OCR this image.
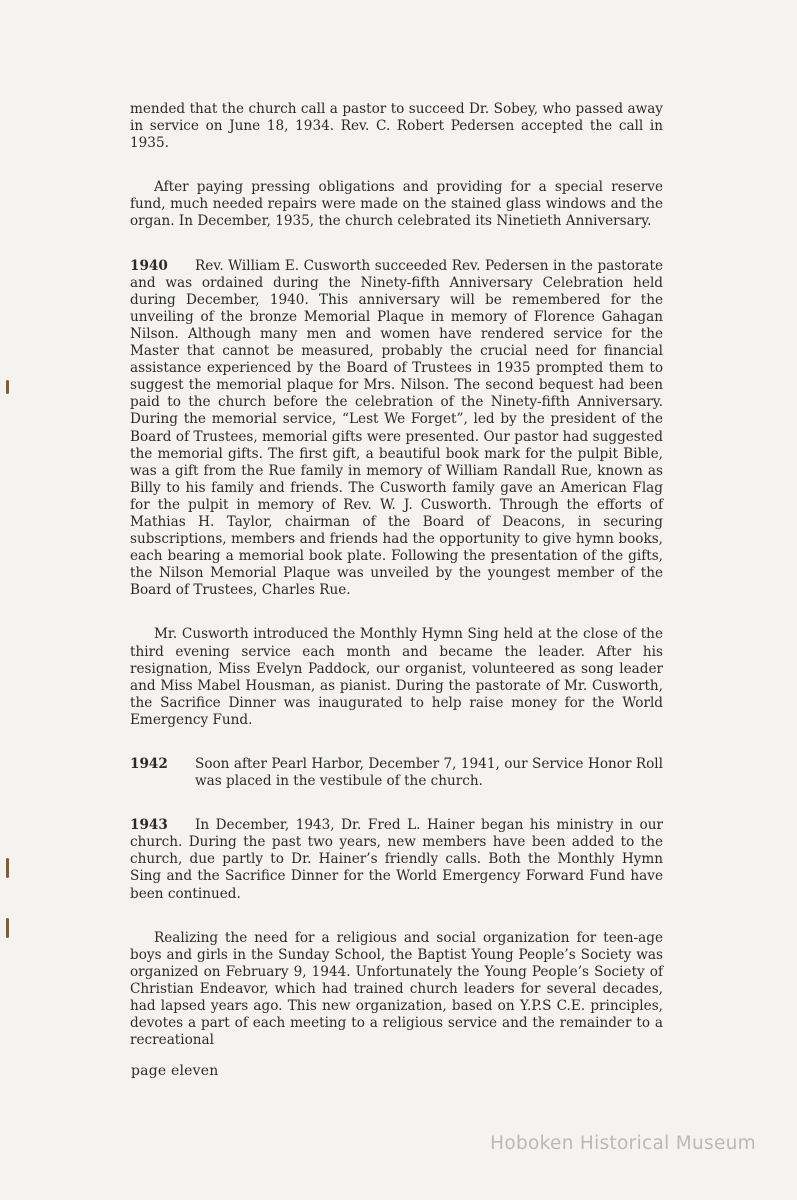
mended that the church call a pastor to succeed Dr. Sobey, who passed away in service on June 18, 1934. Rev. C. Robert Pedersen accepted the call in 1935.

After paying pressing obligations and providing for a special reserve fund, much needed repairs were made on the stained glass windows and the organ. In December, 1935, the church celebrated its Ninetieth Anniversary.

1940 Rev. William E. Cusworth succeeded Rev. Pedersen in the pastorate and was ordained during the Ninety-fifth Anniversary Celebration held during December, 1940. This anniversary will be remembered for the unveiling of the bronze Memorial Plaque in memory of Florence Gahagan Nilson. Although many men and women have rendered service for the Master that cannot be measured, probably the crucial need for financial assistance experienced by the Board of Trustees in 1935 prompted them to suggest the memorial plaque for Mrs. Nilson. The second bequest had been paid to the church before the celebration of the Ninety-fifth Anniversary. During the memorial service, “Lest We Forget”, led by the president of the Board of Trustees, memorial gifts were presented. Our pastor had suggested the memorial gifts. The first gift, a beautiful book mark for the pulpit Bible, was a gift from the Rue family in memory of William Randall Rue, known as Billy to his family and friends. The Cusworth family gave an American Flag for the pulpit in memory of Rev. W. J. Cusworth. Through the efforts of Mathias H. Taylor, chairman of the Board of Deacons, in securing subscriptions, members and friends had the opportunity to give hymn books, each bearing a memorial book plate. Following the presentation of the gifts, the Nilson Memorial Plaque was unveiled by the youngest member of the Board of Trustees, Charles Rue.

Mr. Cusworth introduced the Monthly Hymn Sing held at the close of the third evening service each month and became the leader. After his resignation, Miss Evelyn Paddock, our organist, volunteered as song leader and Miss Mabel Housman, as pianist. During the pastorate of Mr. Cusworth, the Sacrifice Dinner was inaugurated to help raise money for the World Emergency Fund.

1942 Soon after Pearl Harbor, December 7, 1941, our Service Honor Roll was placed in the vestibule of the church.

1943 In December, 1943, Dr. Fred L. Hainer began his ministry in our church. During the past two years, new members have been added to the church, due partly to Dr. Hainer’s friendly calls. Both the Monthly Hymn Sing and the Sacrifice Dinner for the World Emergency Forward Fund have been continued.

Realizing the need for a religious and social organization for teen-age boys and girls in the Sunday School, the Baptist Young People’s Society was organized on February 9, 1944. Unfortunately the Young People’s Society of Christian Endeavor, which had trained church leaders for several decades, had lapsed years ago. This new organization, based on Y.P.S C.E. principles, devotes a part of each meeting to a religious service and the remainder to a recreational

page eleven
Hoboken Historical Museum
